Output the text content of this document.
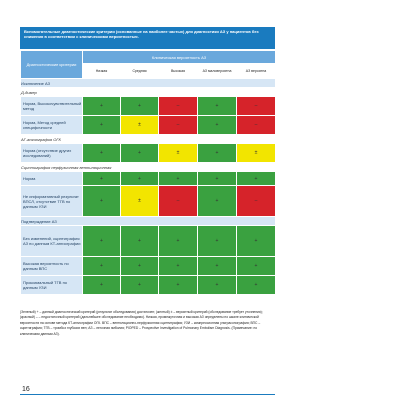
Вспомогательные диагностические критерии (основанные на наиболее частых) для диагностики АЗ у пациентов без снижения в соответствии с клиническими вероятностью.
Диагностические критерии	Клиническая вероятность АЗ				
	Низкая	Средняя	Высокая	АЗ маловероятна	АЗ вероятна
Исключение АЗ					
Д-димер					
Норма, Высокочувствительный метод	+	+	–	+	–
Норма, Метод средней специфичности	+	±	–	+	–
АГ-ангиография ОГК					
Норма (отсутствие других исследований)	+	+	±	+	±
Сцинтиграфия перфузионная вентиляционная					
Норма	+	+	+	+	+
Не информативный результат ВПСЛ, отсутствие ТГВ по данным УЗИ	+	±	–	+	–
Подтверждение АЗ					
Без изменений, сцинтиграфия АЗ по данным КТ-ангиографии	+	+	+	+	+
Высокая вероятность по данным ВПС	+	+	+	+	+
Проксимальный ТГВ по данным УЗИ	+	+	+	+	+
(Зеленый) + – данный диагностический критерий (результат обследования) достаточен; (желтый) ± – вероятный критерий (обследование требует уточнения); (красный) – – недостаточный критерий (дальнейшее обследование необходимо). Низкая, промежуточная и высокая АЗ определены по шкале клинической вероятности на основе метода КТ-ангиографии ОГК. ВПС – вентиляционно-перфузионная сцинтиграфия; УЗИ – компрессионная ультрасонография; ВПС – сцинтиграфия; ТГВ – тромбоз глубоких вен; АЗ – легочная эмболия; PIOPED – Prospective Investigation of Pulmonary Embolism Diagnosis. (Примечание: по клиническим данным АЗ).
16
